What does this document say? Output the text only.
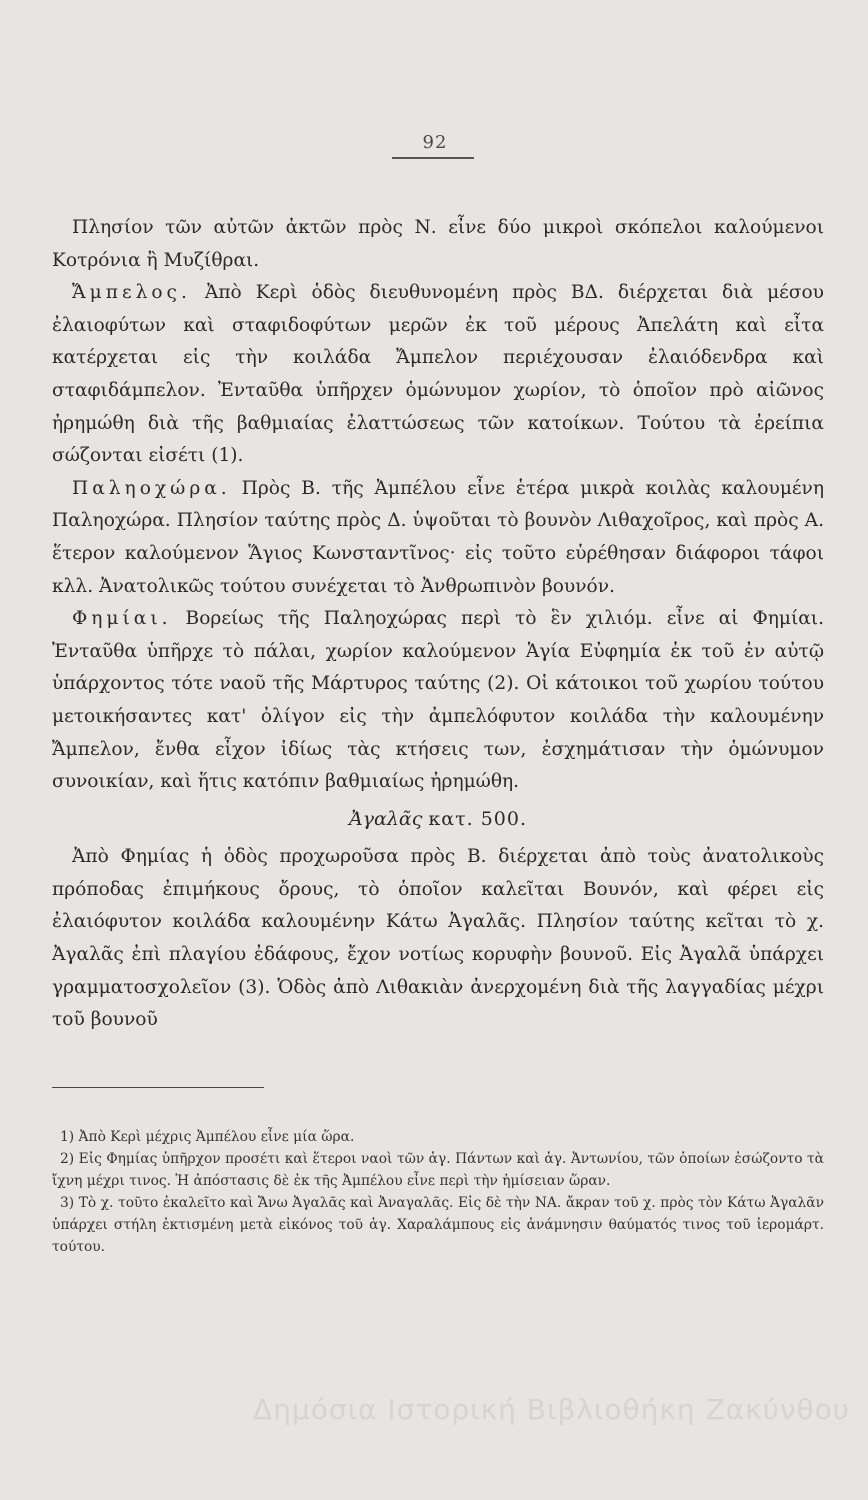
92

Πλησίον τῶν αὐτῶν ἀκτῶν πρὸς Ν. εἶνε δύο μικροὶ σκόπελοι καλούμενοι Κοτρόνια ἢ Μυζίθραι.

Ἄμπελος. Ἀπὸ Κερὶ ὁδὸς διευθυνομένη πρὸς ΒΔ. διέρχεται διὰ μέσου ἐλαιοφύτων καὶ σταφιδοφύτων μερῶν ἐκ τοῦ μέρους Ἀπελάτη καὶ εἶτα κατέρχεται εἰς τὴν κοιλάδα Ἄμπελον περιέχουσαν ἐλαιόδενδρα καὶ σταφιδάμπελον. Ἐνταῦθα ὑπῆρχεν ὁμώνυμον χωρίον, τὸ ὁποῖον πρὸ αἰῶνος ἠρημώθη διὰ τῆς βαθμιαίας ἐλαττώσεως τῶν κατοίκων. Τούτου τὰ ἐρείπια σώζονται εἰσέτι (1).

Παληοχώρα. Πρὸς Β. τῆς Ἀμπέλου εἶνε ἑτέρα μικρὰ κοιλὰς καλουμένη Παληοχώρα. Πλησίον ταύτης πρὸς Δ. ὑψοῦται τὸ βουνὸν Λιθαχοῖρος, καὶ πρὸς Α. ἕτερον καλούμενον Ἅγιος Κωνσταντῖνος· εἰς τοῦτο εὑρέθησαν διάφοροι τάφοι κλλ. Ἀνατολικῶς τούτου συνέχεται τὸ Ἀνθρωπινὸν βουνόν.

Φημίαι. Βορείως τῆς Παληοχώρας περὶ τὸ ἓν χιλιόμ. εἶνε αἱ Φημίαι. Ἐνταῦθα ὑπῆρχε τὸ πάλαι, χωρίον καλούμενον Ἁγία Εὐφημία ἐκ τοῦ ἐν αὐτῷ ὑπάρχοντος τότε ναοῦ τῆς Μάρτυρος ταύτης (2). Οἱ κάτοικοι τοῦ χωρίου τούτου μετοικήσαντες κατ' ὀλίγον εἰς τὴν ἀμπελόφυτον κοιλάδα τὴν καλουμένην Ἄμπελον, ἔνθα εἶχον ἰδίως τὰς κτήσεις των, ἐσχημάτισαν τὴν ὁμώνυμον συνοικίαν, καὶ ἥτις κατόπιν βαθμιαίως ἠρημώθη.

Ἀγαλᾶς κατ. 500.

Ἀπὸ Φημίας ἡ ὁδὸς προχωροῦσα πρὸς Β. διέρχεται ἀπὸ τοὺς ἀνατολικοὺς πρόποδας ἐπιμήκους ὄρους, τὸ ὁποῖον καλεῖται Βουνόν, καὶ φέρει εἰς ἐλαιόφυτον κοιλάδα καλουμένην Κάτω Ἀγαλᾶς. Πλησίον ταύτης κεῖται τὸ χ. Ἀγαλᾶς ἐπὶ πλαγίου ἐδάφους, ἔχον νοτίως κορυφὴν βουνοῦ. Εἰς Ἀγαλᾶ ὑπάρχει γραμματοσχολεῖον (3). Ὁδὸς ἀπὸ Λιθακιὰν ἀνερχομένη διὰ τῆς λαγγαδίας μέχρι τοῦ βουνοῦ

1) Ἀπὸ Κερὶ μέχρις Ἀμπέλου εἶνε μία ὥρα.

2) Εἰς Φημίας ὑπῆρχον προσέτι καὶ ἕτεροι ναοὶ τῶν ἁγ. Πάντων καὶ ἁγ. Ἀντωνίου, τῶν ὁποίων ἐσώζοντο τὰ ἴχνη μέχρι τινος. Ἡ ἀπόστασις δὲ ἐκ τῆς Ἀμπέλου εἶνε περὶ τὴν ἡμίσειαν ὥραν.

3) Τὸ χ. τοῦτο ἐκαλεῖτο καὶ Ἄνω Ἀγαλᾶς καὶ Ἀναγαλᾶς. Εἰς δὲ τὴν ΝΑ. ἄκραν τοῦ χ. πρὸς τὸν Κάτω Ἀγαλᾶν ὑπάρχει στήλη ἐκτισμένη μετὰ εἰκόνος τοῦ ἁγ. Χαραλάμπους εἰς ἀνάμνησιν θαύματός τινος τοῦ ἱερομάρτ. τούτου.

Δημόσια Ιστορική Βιβλιοθήκη Ζακύνθου
